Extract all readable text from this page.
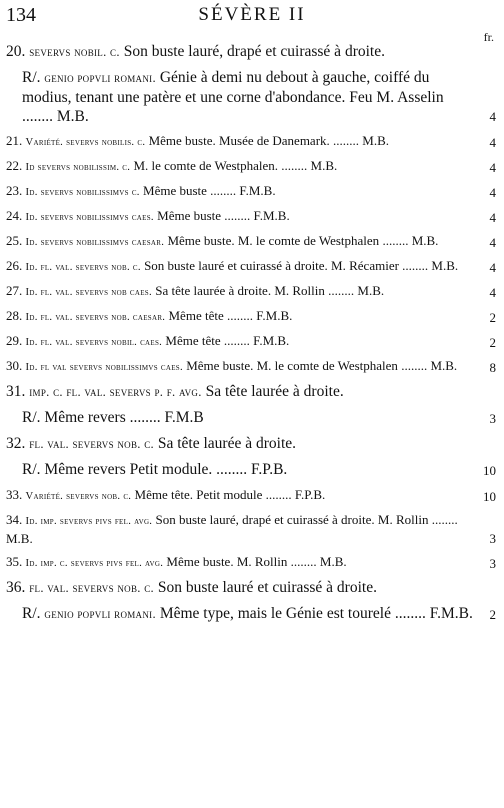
134	SÉVÈRE II
fr.
20. severvs nobil. c. Son buste lauré, drapé et cuirassé à droite.
R/. genio popvli romani. Génie à demi nu debout à gauche, coiffé du modius, tenant une patère et une corne d'abondance. Feu M. Asselin ........ M.B.	4
21. Variété. severvs nobilis. c. Même buste. Musée de Danemark. ........ M.B.	4
22. Id severvs nobilissim. c. M. le comte de Westphalen. ........ M.B.	4
23. Id. severvs nobilissimvs c. Même buste ........ F.M.B.	4
24. Id. severvs nobilissimvs caes. Même buste ........ F.M.B.	4
25. Id. severvs nobilissimvs caesar. Même buste. M. le comte de Westphalen ........ M.B.	4
26. Id. fl. val. severvs nob. c. Son buste lauré et cuirassé à droite. M. Récamier ........ M.B. 4
27. Id. fl. val. severvs nob caes. Sa tête laurée à droite. M. Rollin ........ M.B.	4
28. Id. fl. val. severvs nob. caesar. Même tête ........ F.M.B.	2
29. Id. fl. val. severvs nobil. caes. Même tête ........ F.M.B.	2
30. Id. fl val severvs nobilissimvs caes. Même buste. M. le comte de Westphalen ........ M.B. 8
31. imp. c. fl. val. severvs p. f. avg. Sa tête laurée à droite.
R/. Même revers ........ F.M.B	3
32. fl. val. severvs nob. c. Sa tête laurée à droite.
R/. Même revers Petit module. ........ F.P.B.	10
33. Variété. severvs nob. c. Même tête. Petit module ........ F.P.B.	10
34. Id. imp. severvs pivs fel. avg. Son buste lauré, drapé et cuirassé à droite. M. Rollin ........ M.B.	3
35. Id. imp. c. severvs pivs fel. avg. Même buste. M. Rollin ........ M.B.	3
36. fl. val. severvs nob. c. Son buste lauré et cuirassé à droite.
R/. genio popvli romani. Même type, mais le Génie est tourelé ........ F.M.B. 2
